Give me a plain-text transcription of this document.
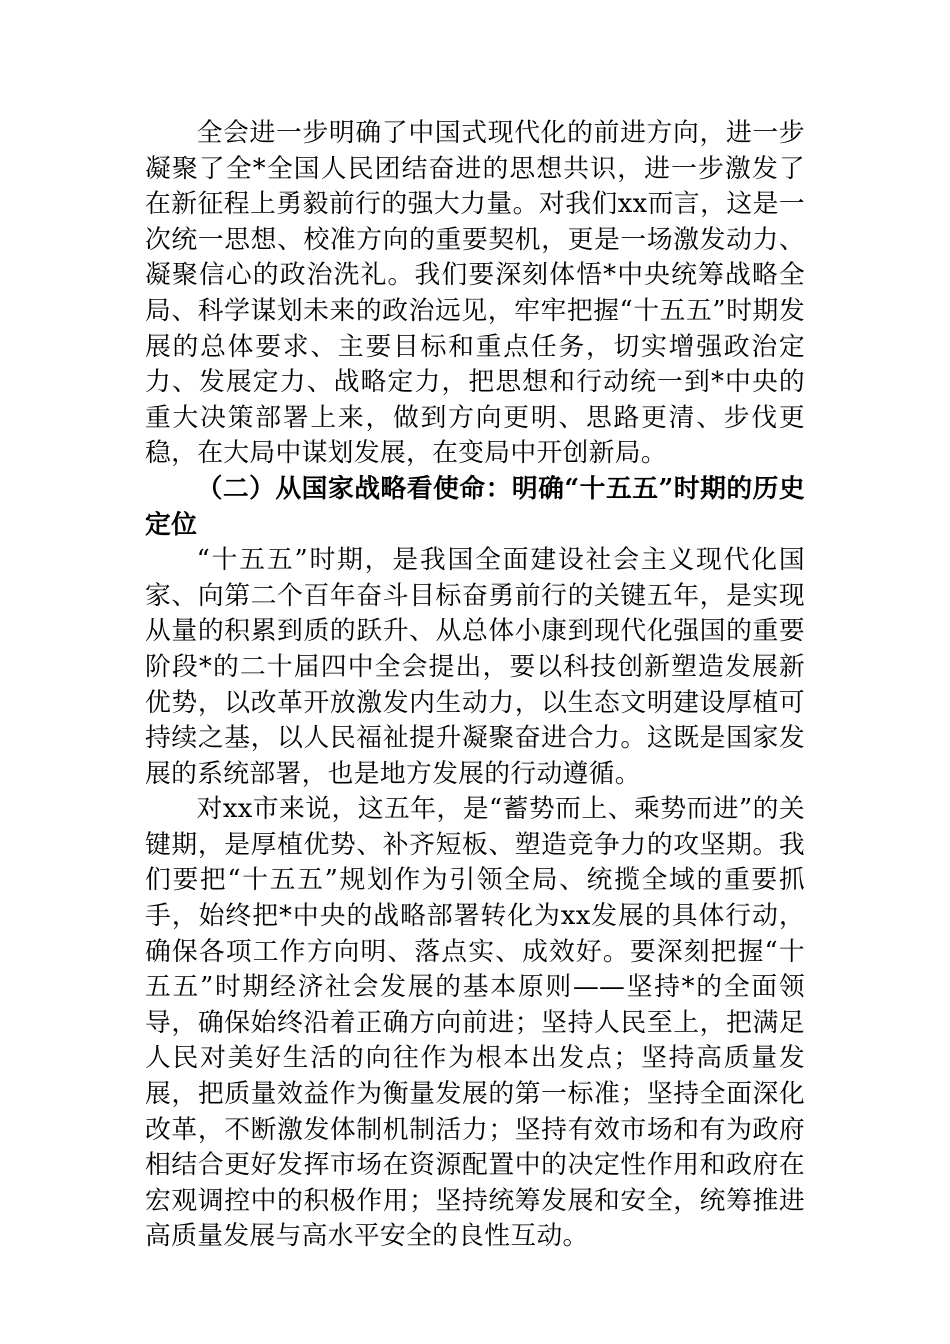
全会进一步明确了中国式现代化的前进方向，进一步凝聚了全*全国人民团结奋进的思想共识，进一步激发了在新征程上勇毅前行的强大力量。对我们xx而言，这是一次统一思想、校准方向的重要契机，更是一场激发动力、凝聚信心的政治洗礼。我们要深刻体悟*中央统筹战略全局、科学谋划未来的政治远见，牢牢把握“十五五”时期发展的总体要求、主要目标和重点任务，切实增强政治定力、发展定力、战略定力，把思想和行动统一到*中央的重大决策部署上来，做到方向更明、思路更清、步伐更稳，在大局中谋划发展，在变局中开创新局。

（二）从国家战略看使命：明确“十五五”时期的历史定位

“十五五”时期，是我国全面建设社会主义现代化国家、向第二个百年奋斗目标奋勇前行的关键五年，是实现从量的积累到质的跃升、从总体小康到现代化强国的重要阶段*的二十届四中全会提出，要以科技创新塑造发展新优势，以改革开放激发内生动力，以生态文明建设厚植可持续之基，以人民福祉提升凝聚奋进合力。这既是国家发展的系统部署，也是地方发展的行动遵循。

对xx市来说，这五年，是“蓄势而上、乘势而进”的关键期，是厚植优势、补齐短板、塑造竞争力的攻坚期。我们要把“十五五”规划作为引领全局、统揽全域的重要抓手，始终把*中央的战略部署转化为xx发展的具体行动，确保各项工作方向明、落点实、成效好。要深刻把握“十五五”时期经济社会发展的基本原则——坚持*的全面领导，确保始终沿着正确方向前进；坚持人民至上，把满足人民对美好生活的向往作为根本出发点；坚持高质量发展，把质量效益作为衡量发展的第一标准；坚持全面深化改革，不断激发体制机制活力；坚持有效市场和有为政府相结合更好发挥市场在资源配置中的决定性作用和政府在宏观调控中的积极作用；坚持统筹发展和安全，统筹推进高质量发展与高水平安全的良性互动。
